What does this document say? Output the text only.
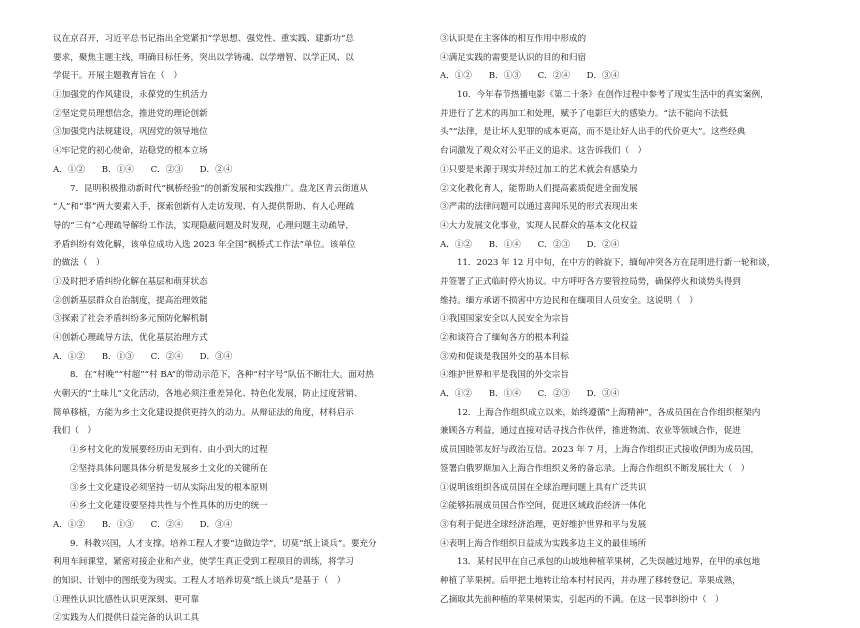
议在京召开，习近平总书记指出全党紧扣“学思想、强党性、重实践、建新功”总
要求，聚焦主题主线，明确目标任务，突出以学铸魂、以学增智、以学正风、以
学促干。开展主题教育旨在（　）
①加强党的作风建设，永葆党的生机活力
②坚定党员理想信念，推进党的理论创新
③加强党内法规建设，巩固党的领导地位
④牢记党的初心使命，站稳党的根本立场
A．①② B．①④ C．②③ D．②④
7．昆明积极推动新时代“枫桥经验”的创新发展和实践推广。盘龙区青云街道从
“人”和“事”两大要素入手，探索创新有人走访发现、有人提供帮助、有人心理疏
导的“三有”心理疏导解纷工作法，实现隐蔽问题及时发现，心理问题主动疏导，
矛盾纠纷有效化解，该单位成功入选 2023 年全国“枫桥式工作法”单位。该单位
的做法（　）
①及时把矛盾纠纷化解在基层和萌芽状态
②创新基层群众自治制度，提高治理效能
③探索了社会矛盾纠纷多元预防化解机制
④创新心理疏导方法，优化基层治理方式
A．①② B．①③ C．②④ D．③④
8．在“村晚”“村超”“村 BA”的带动示范下，各种“村字号”队伍不断壮大。面对热
火朝天的“土味儿”文化活动，各地必须注重差异化、特色化发展，防止过度营销、
简单移植，方能为乡土文化建设提供更持久的动力。从辩证法的角度，材料启示
我们（　）
①乡村文化的发展要经历由无到有、由小到大的过程
②坚持具体问题具体分析是发展乡土文化的关键所在
③乡土文化建设必须坚持一切从实际出发的根本原则
④乡土文化建设要坚持共性与个性具体的历史的统一
A．①② B．①③ C．②④ D．③④
9．科教兴国，人才支撑。培养工程人才要“边做边学”，切莫“纸上谈兵”。要充分
利用车间课堂，紧密对接企业和产业，使学生真正受到工程项目的训练，将学习
的知识、计划中的图纸变为现实。工程人才培养切莫“纸上谈兵”是基于（　）
①理性认识比感性认识更深刻、更可靠
②实践为人们提供日益完备的认识工具
③认识是在主客体的相互作用中形成的
④满足实践的需要是认识的目的和归宿
A．①② B．①③ C．②④ D．③④
10．今年春节热播电影《第二十条》在创作过程中参考了现实生活中的真实案例，
并进行了艺术的再加工和处理，赋予了电影巨大的感染力。“法不能向不法低
头”“法律，是让坏人犯罪的成本更高，而不是让好人出手的代价更大”。这些经典
台词激发了观众对公平正义的追求。这告诉我们（　）
①只要是来源于现实并经过加工的艺术就会有感染力
②文化教化育人，能帮助人们提高素质促进全面发展
③严肃的法律问题可以通过喜闻乐见的形式表现出来
④大力发展文化事业，实现人民群众的基本文化权益
A．①② B．①④ C．②③ D．②④
11．2023 年 12 月中旬，在中方的斡旋下，缅甸冲突各方在昆明进行新一轮和谈，
并签署了正式临时停火协议。中方呼吁各方要管控局势，确保停火和谈势头得到
维持。缅方承诺不损害中方边民和在缅项目人员安全。这说明（　）
①我国国家安全以人民安全为宗旨
②和谈符合了缅甸各方的根本利益
③劝和促谈是我国外交的基本目标
④维护世界和平是我国的外交宗旨
A．①② B．①④ C．②③ D．③④
12．上海合作组织成立以来，始终遵循“上海精神”，各成员国在合作组织框架内
兼顾各方利益，通过直接对话寻找合作伙伴，推进物流、农业等领域合作，促进
成员国睦邻友好与政治互信。2023 年 7 月，上海合作组织正式接收伊朗为成员国，
签署白俄罗斯加入上海合作组织义务的备忘录。上海合作组织不断发展壮大（　）
①说明该组织各成员国在全球治理问题上具有广泛共识
②能够拓展成员国合作空间，促进区域政治经济一体化
③有利于促进全球经济治理，更好维护世界和平与发展
④表明上海合作组织日益成为实践多边主义的最佳场所
13．某村民甲在自己承包的山坡地种植苹果树，乙失误越过地界，在甲的承包地
种植了苹果树。后甲把土地转让给本村村民丙，并办理了移转登记。苹果成熟，
乙摘取其先前种植的苹果树果实，引起丙的不满。在这一民事纠纷中（　）
